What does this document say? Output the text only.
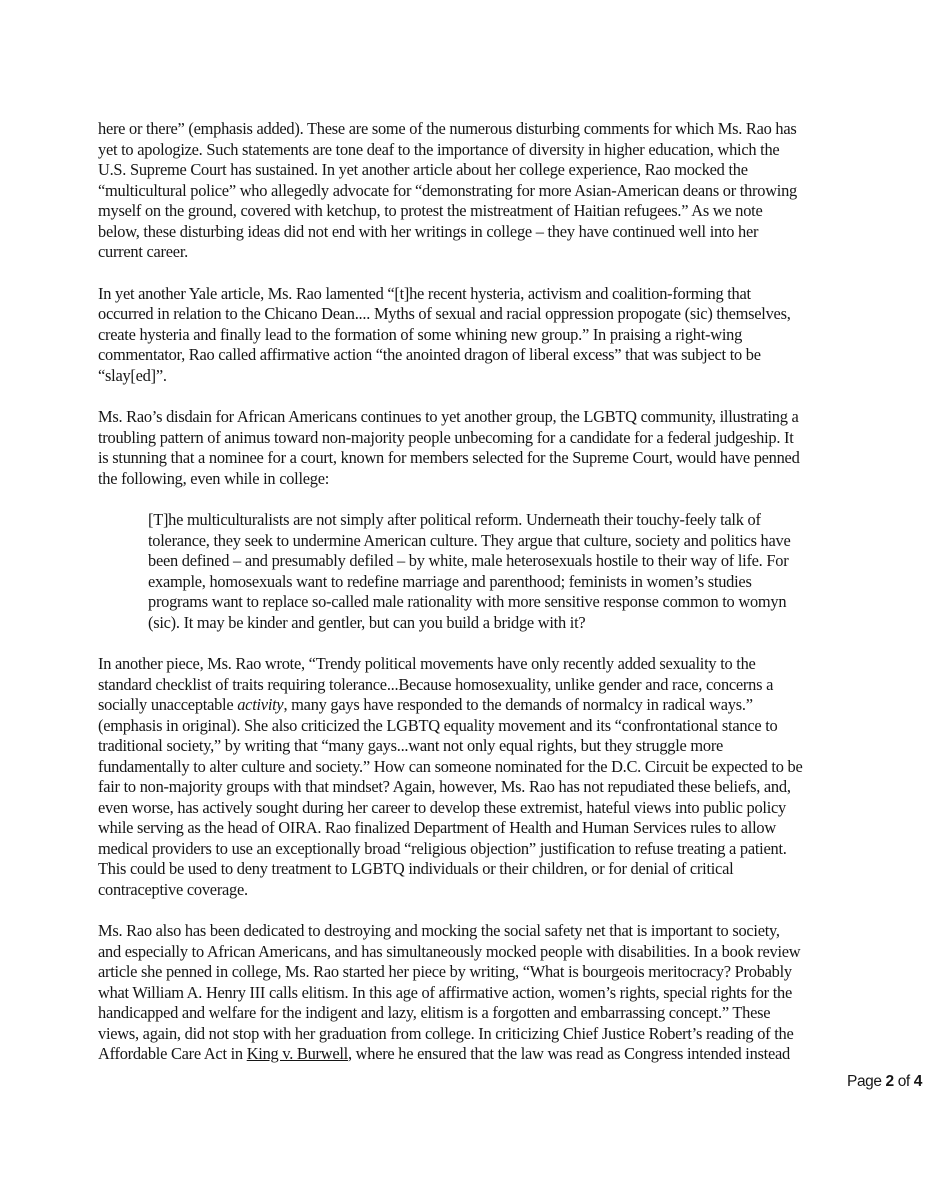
here or there” (emphasis added). These are some of the numerous disturbing comments for which Ms. Rao has
yet to apologize. Such statements are tone deaf to the importance of diversity in higher education, which the
U.S. Supreme Court has sustained. In yet another article about her college experience, Rao mocked the
“multicultural police” who allegedly advocate for “demonstrating for more Asian-American deans or throwing
myself on the ground, covered with ketchup, to protest the mistreatment of Haitian refugees.” As we note
below, these disturbing ideas did not end with her writings in college – they have continued well into her
current career.
In yet another Yale article, Ms. Rao lamented “[t]he recent hysteria, activism and coalition-forming that
occurred in relation to the Chicano Dean.... Myths of sexual and racial oppression propogate (sic) themselves,
create hysteria and finally lead to the formation of some whining new group.” In praising a right-wing
commentator, Rao called affirmative action “the anointed dragon of liberal excess” that was subject to be
“slay[ed]”.
Ms. Rao’s disdain for African Americans continues to yet another group, the LGBTQ community, illustrating a
troubling pattern of animus toward non-majority people unbecoming for a candidate for a federal judgeship. It
is stunning that a nominee for a court, known for members selected for the Supreme Court, would have penned
the following, even while in college:
[T]he multiculturalists are not simply after political reform. Underneath their touchy-feely talk of
tolerance, they seek to undermine American culture. They argue that culture, society and politics have
been defined – and presumably defiled – by white, male heterosexuals hostile to their way of life. For
example, homosexuals want to redefine marriage and parenthood; feminists in women’s studies
programs want to replace so-called male rationality with more sensitive response common to womyn
(sic). It may be kinder and gentler, but can you build a bridge with it?
In another piece, Ms. Rao wrote, “Trendy political movements have only recently added sexuality to the
standard checklist of traits requiring tolerance...Because homosexuality, unlike gender and race, concerns a
socially unacceptable activity, many gays have responded to the demands of normalcy in radical ways.”
(emphasis in original). She also criticized the LGBTQ equality movement and its “confrontational stance to
traditional society,” by writing that “many gays...want not only equal rights, but they struggle more
fundamentally to alter culture and society.” How can someone nominated for the D.C. Circuit be expected to be
fair to non-majority groups with that mindset? Again, however, Ms. Rao has not repudiated these beliefs, and,
even worse, has actively sought during her career to develop these extremist, hateful views into public policy
while serving as the head of OIRA. Rao finalized Department of Health and Human Services rules to allow
medical providers to use an exceptionally broad “religious objection” justification to refuse treating a patient.
This could be used to deny treatment to LGBTQ individuals or their children, or for denial of critical
contraceptive coverage.
Ms. Rao also has been dedicated to destroying and mocking the social safety net that is important to society,
and especially to African Americans, and has simultaneously mocked people with disabilities. In a book review
article she penned in college, Ms. Rao started her piece by writing, “What is bourgeois meritocracy? Probably
what William A. Henry III calls elitism. In this age of affirmative action, women’s rights, special rights for the
handicapped and welfare for the indigent and lazy, elitism is a forgotten and embarrassing concept.” These
views, again, did not stop with her graduation from college. In criticizing Chief Justice Robert’s reading of the
Affordable Care Act in King v. Burwell, where he ensured that the law was read as Congress intended instead
Page 2 of 4
